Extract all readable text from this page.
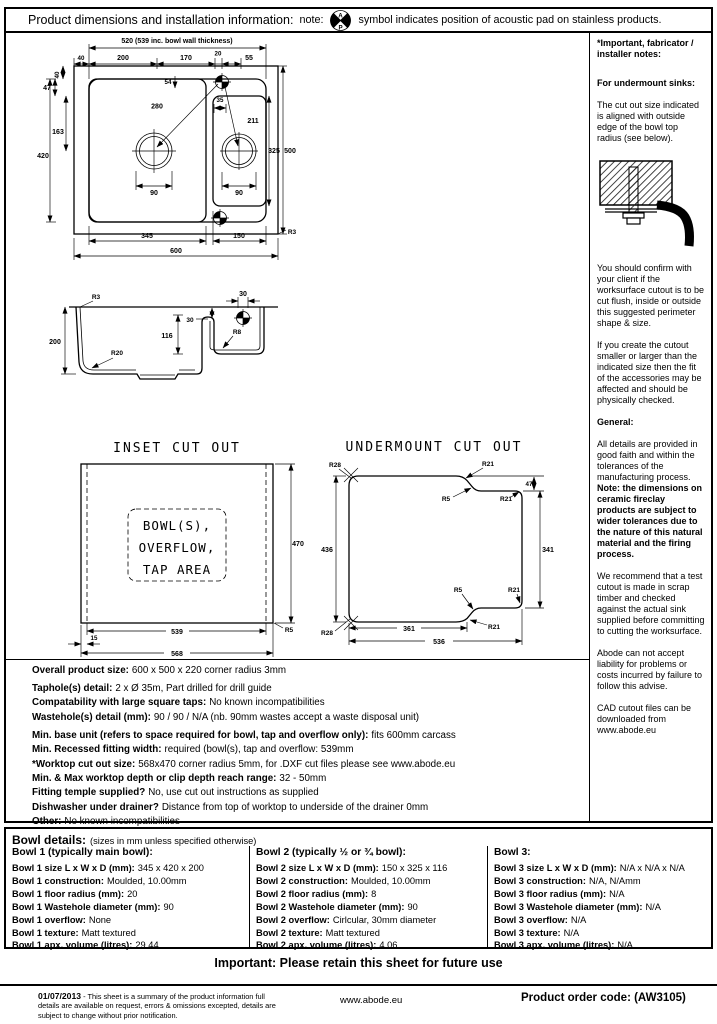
Product dimensions and installation information: note: A
P
symbol indicates position of acoustic pad on stainless products.
520 (539 inc. bowl wall thickness)
40	200	170
20
55
40
47
163
420
325 500
54
280
35
211
90	90
345	150
600
R3
R3	30
30
116
R8
R20
200
INSET CUT OUT
BOWL(S),
OVERFLOW,
TAP AREA
470
539
15
568
R5
UNDERMOUNT CUT OUT
436	341
47
361
536
R28	R21
R5	R21
R5	R21
R21
R28
Overall product size: 600 x 500 x 220 corner radius 3mm
Taphole(s) detail: 2 x Ø 35m, Part drilled for drill guide
Compatability with large square taps: No known incompatibilities
Wastehole(s) detail (mm): 90 / 90 / N/A (nb. 90mm wastes accept a waste disposal unit)
Min. base unit (refers to space required for bowl, tap and overflow only): fits 600mm carcass
Min. Recessed fitting width: required (bowl(s), tap and overflow: 539mm
*Worktop cut out size: 568x470 corner radius 5mm, for .DXF cut files please see www.abode.eu
Min. & Max worktop depth or clip depth reach range: 32 - 50mm
Fitting temple supplied? No, use cut out instructions as supplied
Dishwasher under drainer? Distance from top of worktop to underside of the drainer 0mm
Other: No known incompatibilities

*Important, fabricator / installer notes:

For undermount sinks:

The cut out size indicated is aligned with outside edge of the bowl top radius (see below).

You should confirm with your client if the worksurface cutout is to be cut flush, inside or outside this suggested perimeter shape & size.

If you create the cutout smaller or larger than the indicated size then the fit of the accessories may be affected and should be physically checked.

General:

All details are provided in good faith and within the tolerances of the manufacturing process. Note: the dimensions on ceramic fireclay products are subject to wider tolerances due to the nature of this natural material and the firing process.

We recommend that a test cutout is made in scrap timber and checked against the actual sink supplied before committing to cutting the worksurface.

Abode can not accept liability for problems or costs incurred by failure to follow this advise.

CAD cutout files can be downloaded from www.abode.eu

Bowl details: (sizes in mm unless specified otherwise)
Bowl 1 (typically main bowl):
Bowl 1 size L x W x D (mm): 345 x 420 x 200
Bowl 1 construction: Moulded, 10.00mm
Bowl 1 floor radius (mm): 20
Bowl 1 Wastehole diameter (mm): 90
Bowl 1 overflow: None
Bowl 1 texture: Matt textured
Bowl 1 apx. volume (litres): 29.44
Bowl 2 (typically ½ or ¾ bowl):
Bowl 2 size L x W x D (mm): 150 x 325 x 116
Bowl 2 construction: Moulded, 10.00mm
Bowl 2 floor radius (mm): 8
Bowl 2 Wastehole diameter (mm): 90
Bowl 2 overflow: Cirlcular, 30mm diameter
Bowl 2 texture: Matt textured
Bowl 2 apx. volume (litres): 4.06
Bowl 3:
Bowl 3 size L x W x D (mm): N/A x N/A x N/A
Bowl 3 construction: N/A, N/Amm
Bowl 3 floor radius (mm): N/A
Bowl 3 Wastehole diameter (mm): N/A
Bowl 3 overflow: N/A
Bowl 3 texture: N/A
Bowl 3 apx. volume (litres): N/A
Important: Please retain this sheet for future use
01/07/2013 - This sheet is a summary of the product information full details are available on request, errors & omissions excepted, details are subject to change without prior notification.
www.abode.eu	Product order code: (AW3105)
